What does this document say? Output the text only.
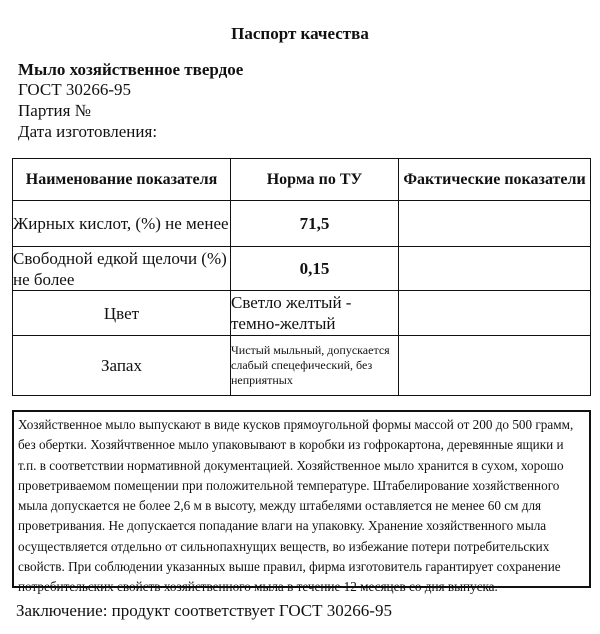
Паспорт качества
Мыло хозяйственное твердое
ГОСТ 30266-95
Партия №
Дата изготовления:
Наименование показателя	Норма по ТУ	Фактические показатели
Жирных кислот, (%) не менее	71,5	
Свободной едкой щелочи (%) не более	0,15	
Цвет	Светло желтый - темно-желтый	
Запах	Чистый мыльный, допускается слабый спецефический, без неприятных	
Хозяйственное мыло выпускают в виде кусков прямоугольной формы массой от 200 до 500 грамм, без обертки. Хозяйчтвенное мыло упаковывают в коробки из гофрокартона, деревянные ящики и т.п. в соответствии нормативной документацией. Хозяйственное мыло хранится в сухом, хорошо проветриваемом помещении при положительной температуре. Штабелирование хозяйственного мыла допускается не более 2,6 м в высоту, между штабелями оставляется не менее 60 см для проветривания. Не допускается попадание влаги на упаковку. Хранение хозяйственного мыла осуществляется отдельно от сильнопахнущих веществ, во избежание потери потребительских свойств. При соблюдении указанных выше правил, фирма изготовитель гарантирует сохранение потребительских свойств хозяйственного мыла в течение 12 месяцев со дня выпуска.
Заключение: продукт соответствует ГОСТ 30266-95
